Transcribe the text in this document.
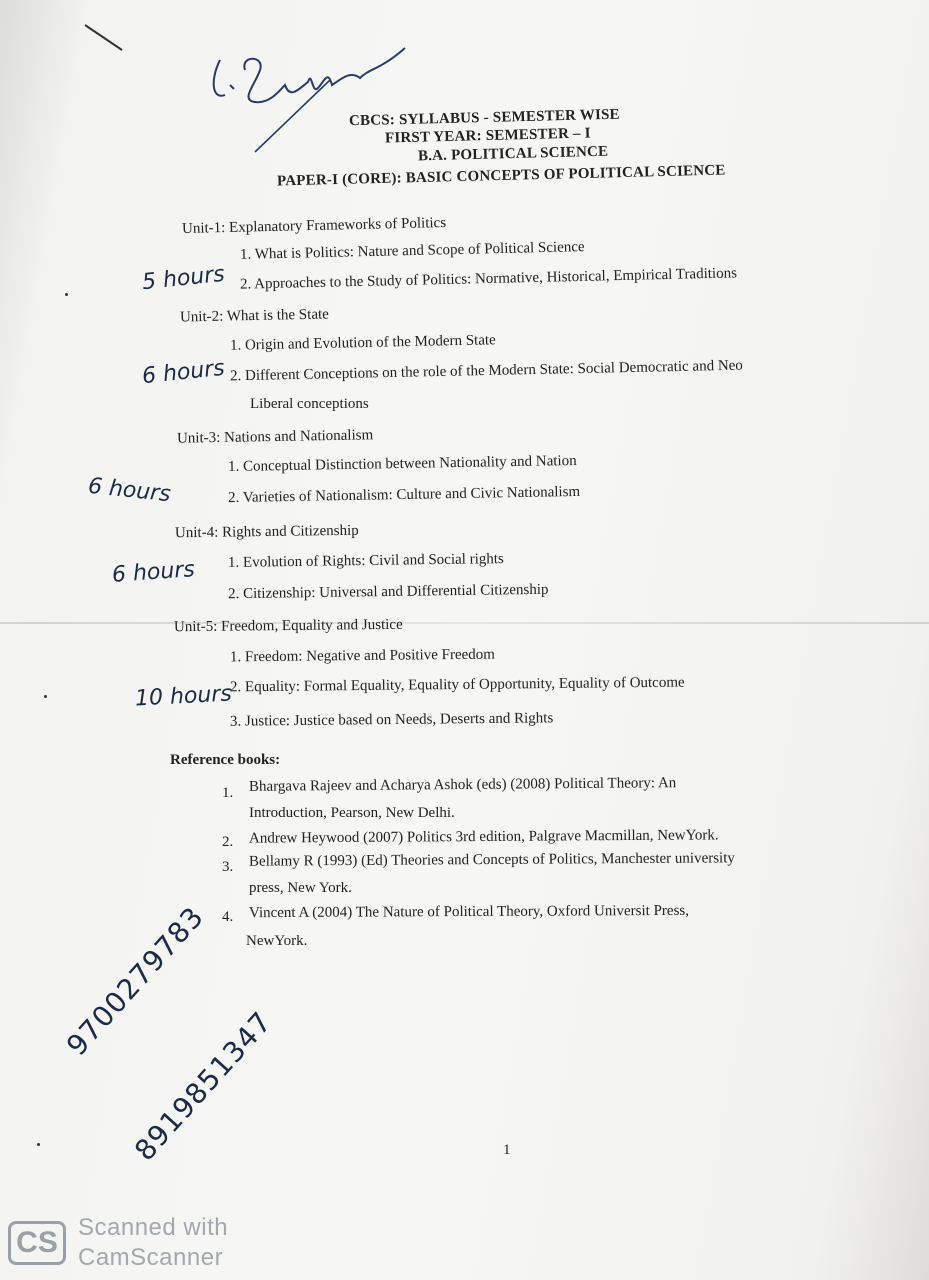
CBCS: SYLLABUS - SEMESTER WISE
FIRST YEAR: SEMESTER – I
B.A. POLITICAL SCIENCE
PAPER-I (CORE): BASIC CONCEPTS OF POLITICAL SCIENCE
Unit-1: Explanatory Frameworks of Politics
1. What is Politics: Nature and Scope of Political Science
2. Approaches to the Study of Politics: Normative, Historical, Empirical Traditions
5 hours
Unit-2: What is the State
1. Origin and Evolution of the Modern State
2. Different Conceptions on the role of the Modern State: Social Democratic and Neo
Liberal conceptions
6 hours
Unit-3: Nations and Nationalism
1. Conceptual Distinction between Nationality and Nation
2. Varieties of Nationalism: Culture and Civic Nationalism
6 hours
Unit-4: Rights and Citizenship
1. Evolution of Rights: Civil and Social rights
2. Citizenship: Universal and Differential Citizenship
6 hours
Unit-5: Freedom, Equality and Justice
1. Freedom: Negative and Positive Freedom
2. Equality: Formal Equality, Equality of Opportunity, Equality of Outcome
3. Justice: Justice based on Needs, Deserts and Rights
10 hours
Reference books:
1. Bhargava Rajeev and Acharya Ashok (eds) (2008) Political Theory: An
Introduction, Pearson, New Delhi.
2. Andrew Heywood (2007) Politics 3rd edition, Palgrave Macmillan, NewYork.
3. Bellamy R (1993) (Ed) Theories and Concepts of Politics, Manchester university
press, New York.
4. Vincent A (2004) The Nature of Political Theory, Oxford Universit Press,
NewYork.
9700279783
8919851347	1
CS Scanned with
CamScanner
